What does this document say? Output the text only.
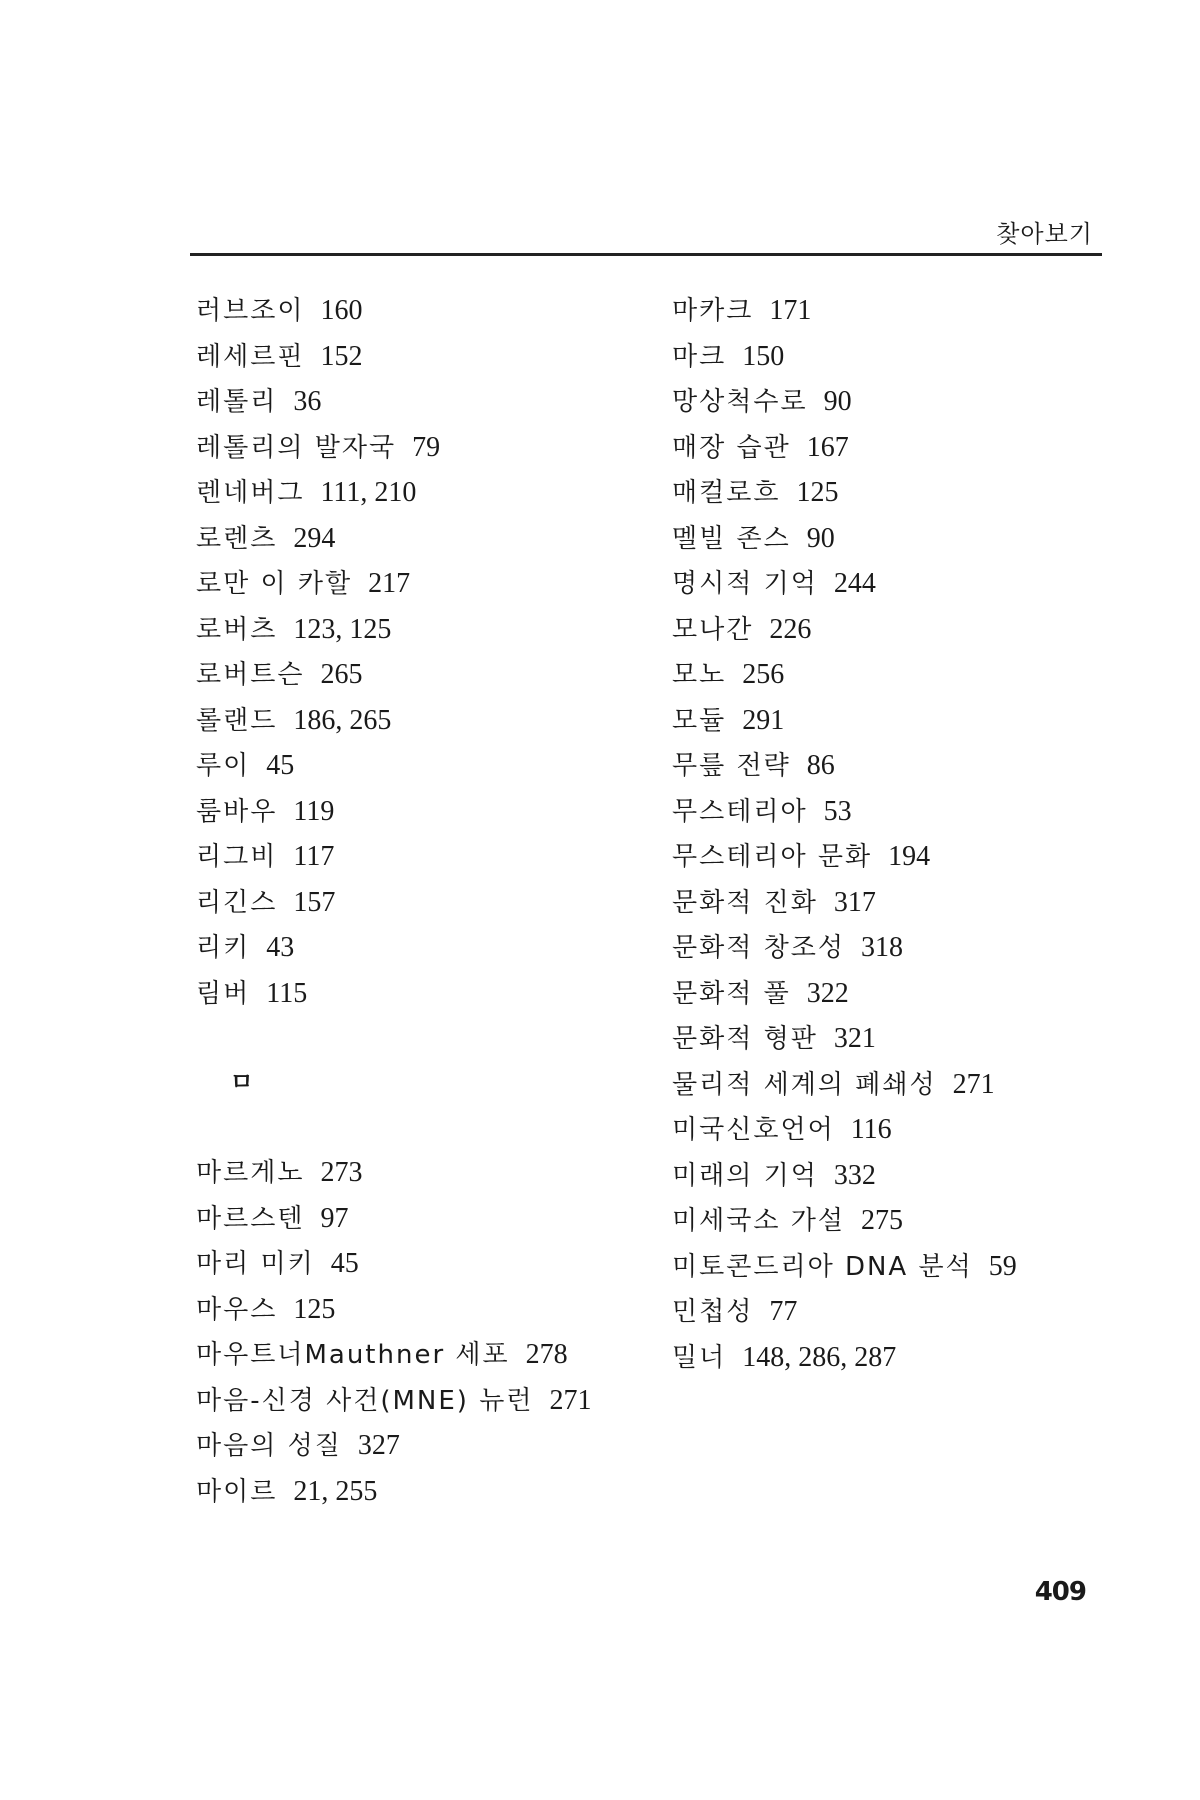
찾아보기
러브조이 160
레세르핀 152
레톨리 36
레톨리의 발자국 79
렌네버그 111, 210
로렌츠 294
로만 이 카할 217
로버츠 123, 125
로버트슨 265
롤랜드 186, 265
루이 45
룸바우 119
리그비 117
리긴스 157
리키 43
림버 115
ㅁ
마르게노 273
마르스텐 97
마리 미키 45
마우스 125
마우트너Mauthner 세포 278
마음-신경 사건(MNE) 뉴런 271
마음의 성질 327
마이르 21, 255
마카크 171
마크 150
망상척수로 90
매장 습관 167
매컬로흐 125
멜빌 존스 90
명시적 기억 244
모나간 226
모노 256
모듈 291
무릎 전략 86
무스테리아 53
무스테리아 문화 194
문화적 진화 317
문화적 창조성 318
문화적 풀 322
문화적 형판 321
물리적 세계의 폐쇄성 271
미국신호언어 116
미래의 기억 332
미세국소 가설 275
미토콘드리아 DNA 분석 59
민첩성 77
밀너 148, 286, 287
409
